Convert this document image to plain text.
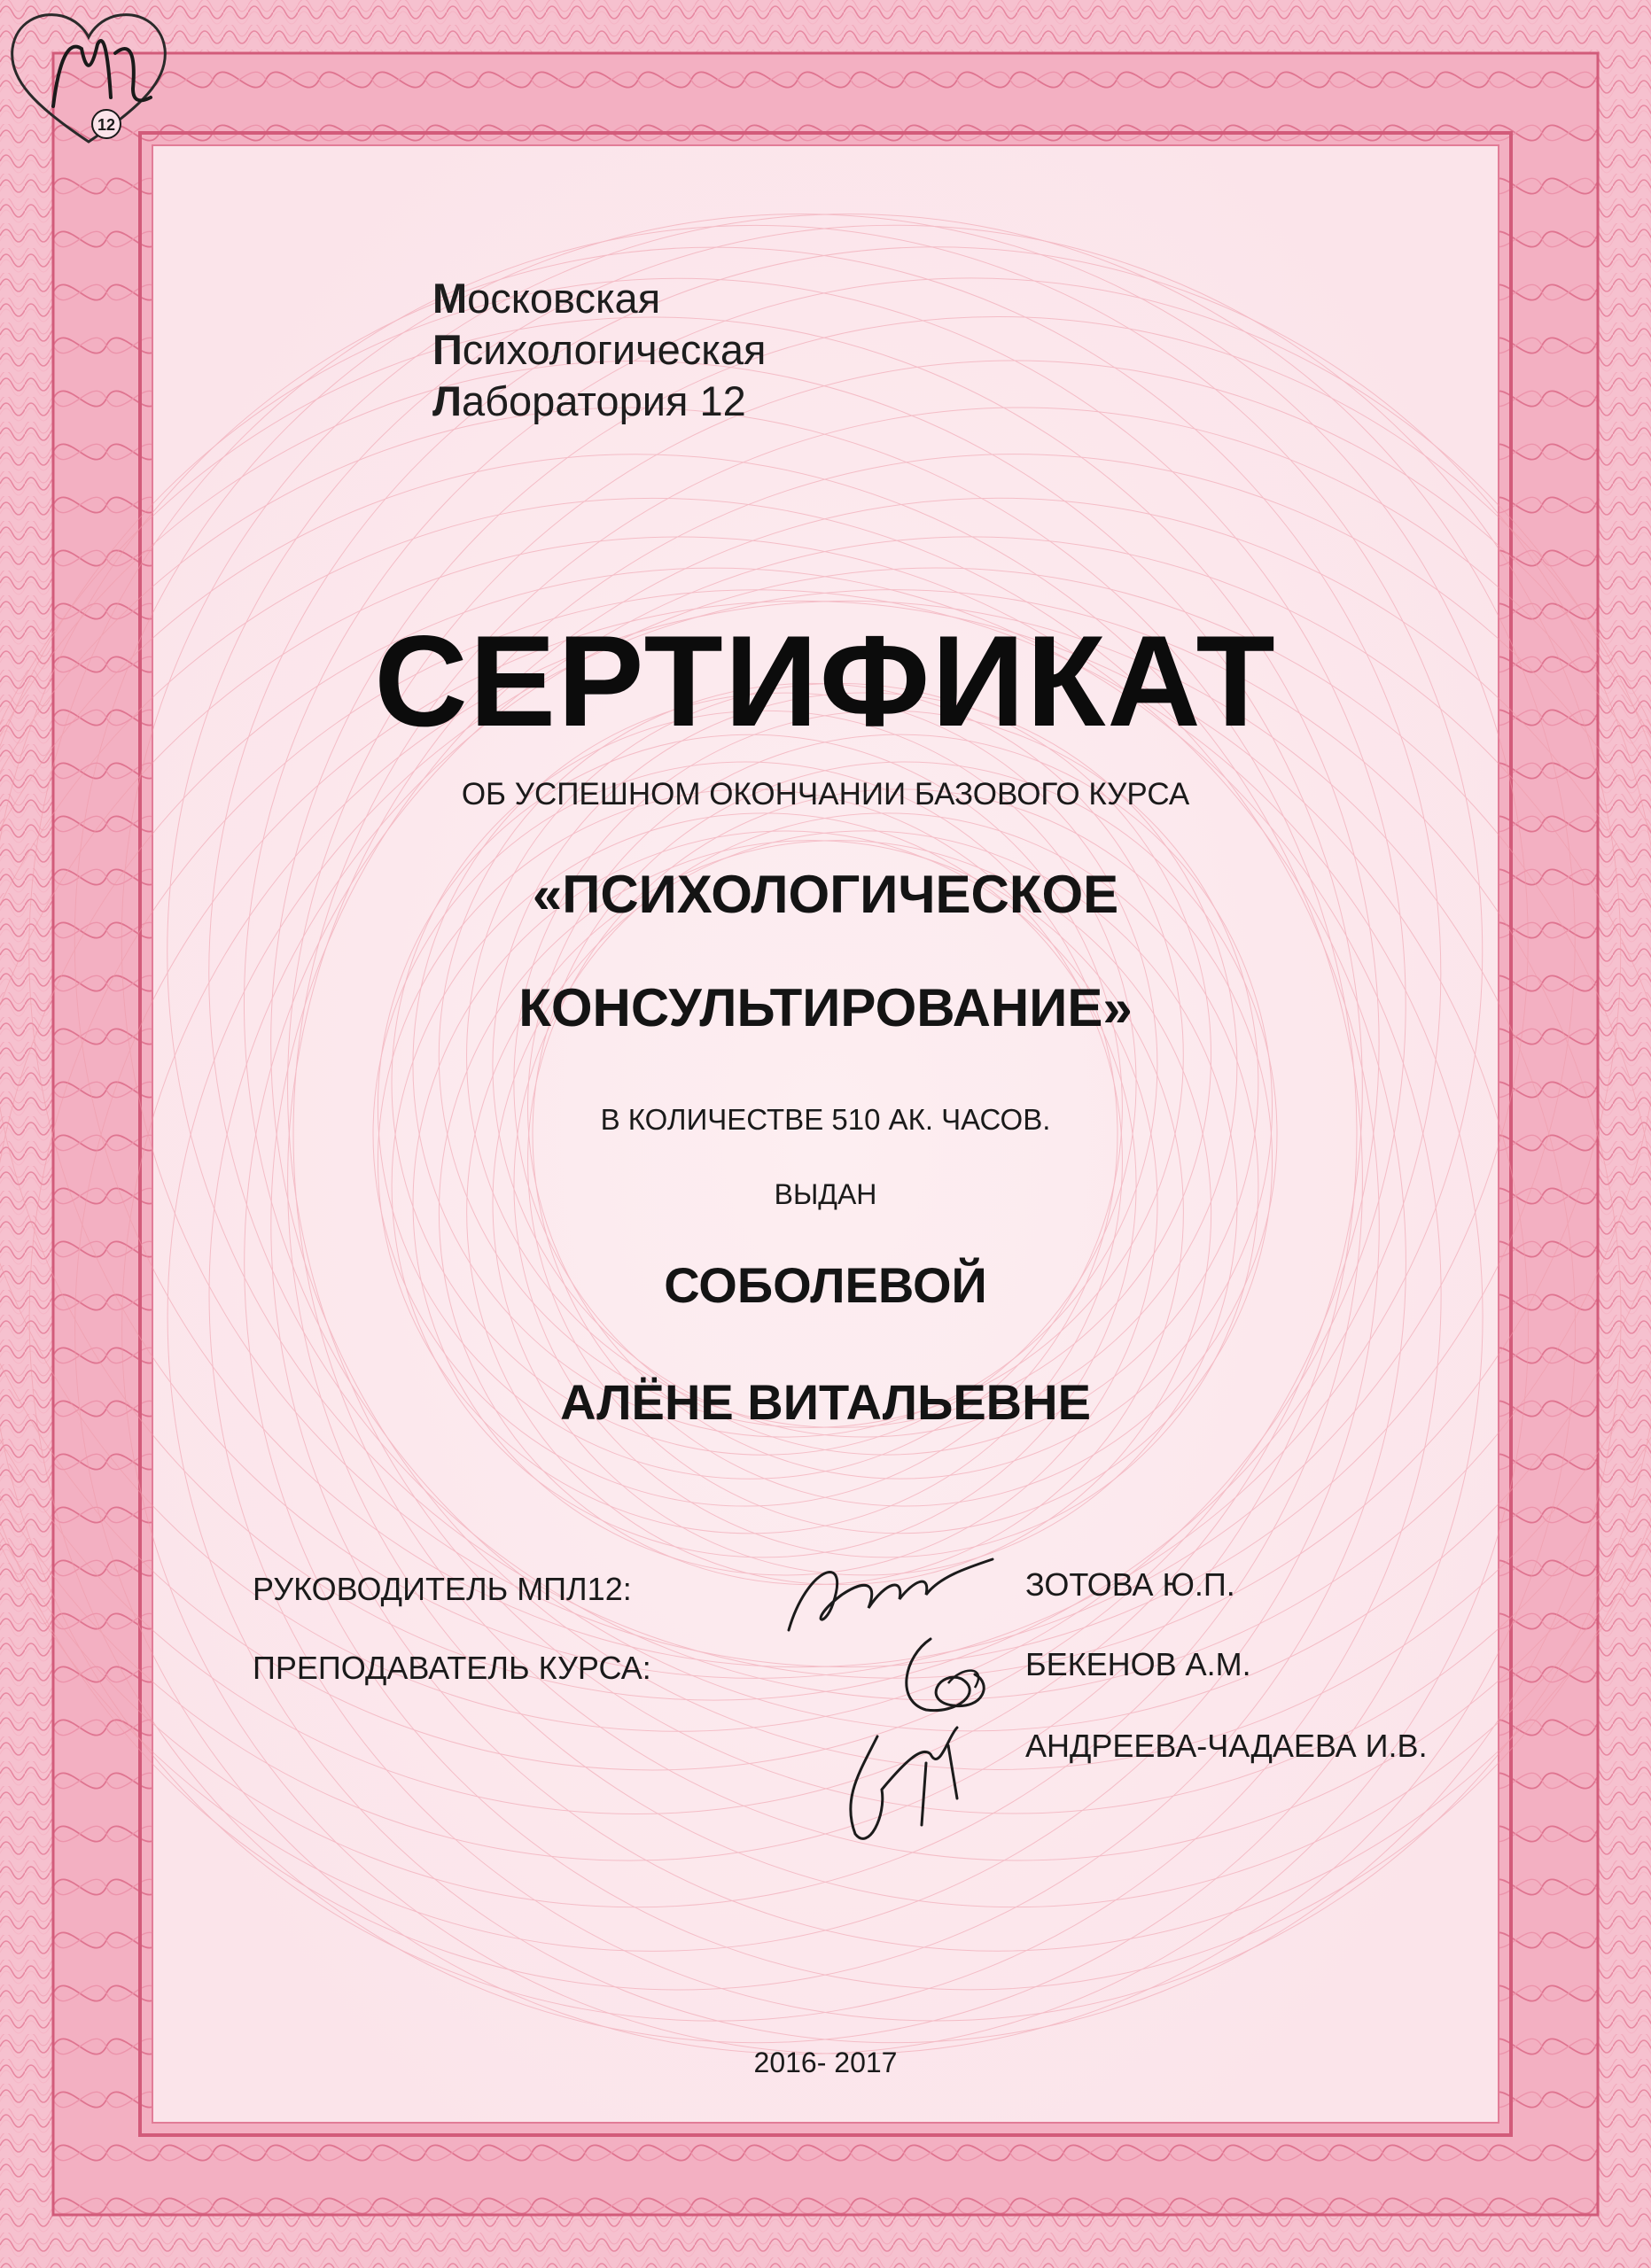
12
Московская
Психологическая
Лаборатория 12
СЕРТИФИКАТ
ОБ УСПЕШНОМ ОКОНЧАНИИ БАЗОВОГО КУРСА
«ПСИХОЛОГИЧЕСКОЕ
КОНСУЛЬТИРОВАНИЕ»
В КОЛИЧЕСТВЕ 510 АК. ЧАСОВ.
ВЫДАН
СОБОЛЕВОЙ
АЛЁНЕ ВИТАЛЬЕВНЕ
РУКОВОДИТЕЛЬ МПЛ12:
ПРЕПОДАВАТЕЛЬ КУРСА:
ЗОТОВА Ю.П.
БЕКЕНОВ А.М.
АНДРЕЕВА-ЧАДАЕВА И.В.
2016- 2017
